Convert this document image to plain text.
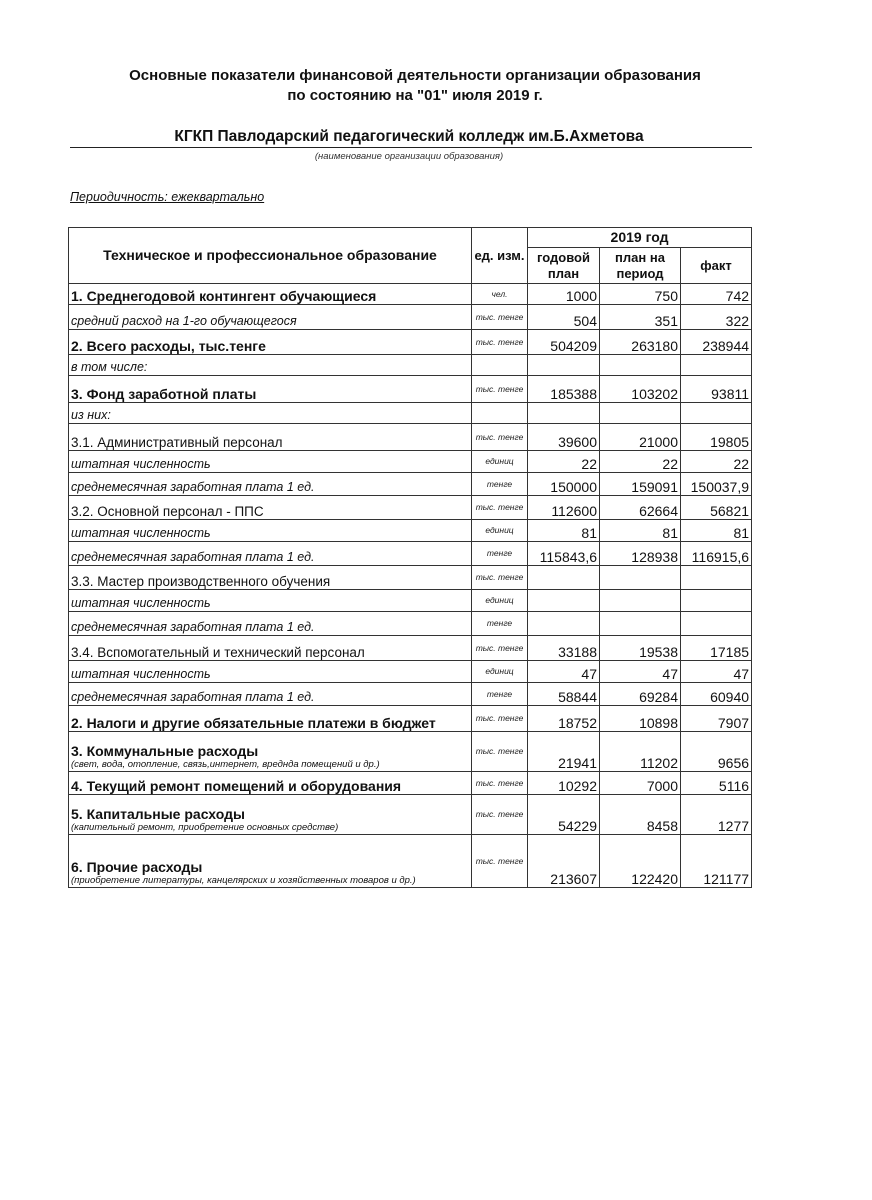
Основные показатели финансовой деятельности организации образования
по состоянию на "01" июля 2019 г.
КГКП Павлодарский педагогический колледж им.Б.Ахметова
(наименование организации образования)
Периодичность: ежеквартально
Техническое и профессиональное образование	ед. изм.	2019 год		
		годовой план	план на период	факт
1. Среднегодовой контингент обучающиеся	чел.	1000	750	742
средний расход на 1-го обучающегося	тыс. тенге	504	351	322
2. Всего расходы, тыс.тенге	тыс. тенге	504209	263180	238944
в том числе:				
3. Фонд заработной платы	тыс. тенге	185388	103202	93811
из них:				
3.1. Административный персонал	тыс. тенге	39600	21000	19805
штатная численность	единиц	22	22	22
среднемесячная заработная плата 1 ед.	тенге	150000	159091	150037,9
3.2. Основной персонал - ППС	тыс. тенге	112600	62664	56821
штатная численность	единиц	81	81	81
среднемесячная заработная плата 1 ед.	тенге	115843,6	128938	116915,6
3.3. Мастер производственного обучения	тыс. тенге			
штатная численность	единиц			
среднемесячная заработная плата 1 ед.	тенге			
3.4. Вспомогательный и технический персонал	тыс. тенге	33188	19538	17185
штатная численность	единиц	47	47	47
среднемесячная заработная плата 1 ед.	тенге	58844	69284	60940
2. Налоги и другие обязательные платежи в бюджет	тыс. тенге	18752	10898	7907
3. Коммунальные расходы
(свет, вода, отопление, связь,интернет, вреднда помещений и др.)	тыс. тенге	21941	11202	9656
4. Текущий ремонт помещений и оборудования	тыс. тенге	10292	7000	5116
5. Капитальные расходы
(капительный ремонт, приобретение основных средстве)	тыс. тенге	54229	8458	1277
6. Прочие расходы
(приобретение литературы, канцелярских и хозяйственных товаров и др.)	тыс. тенге	213607	122420	121177
